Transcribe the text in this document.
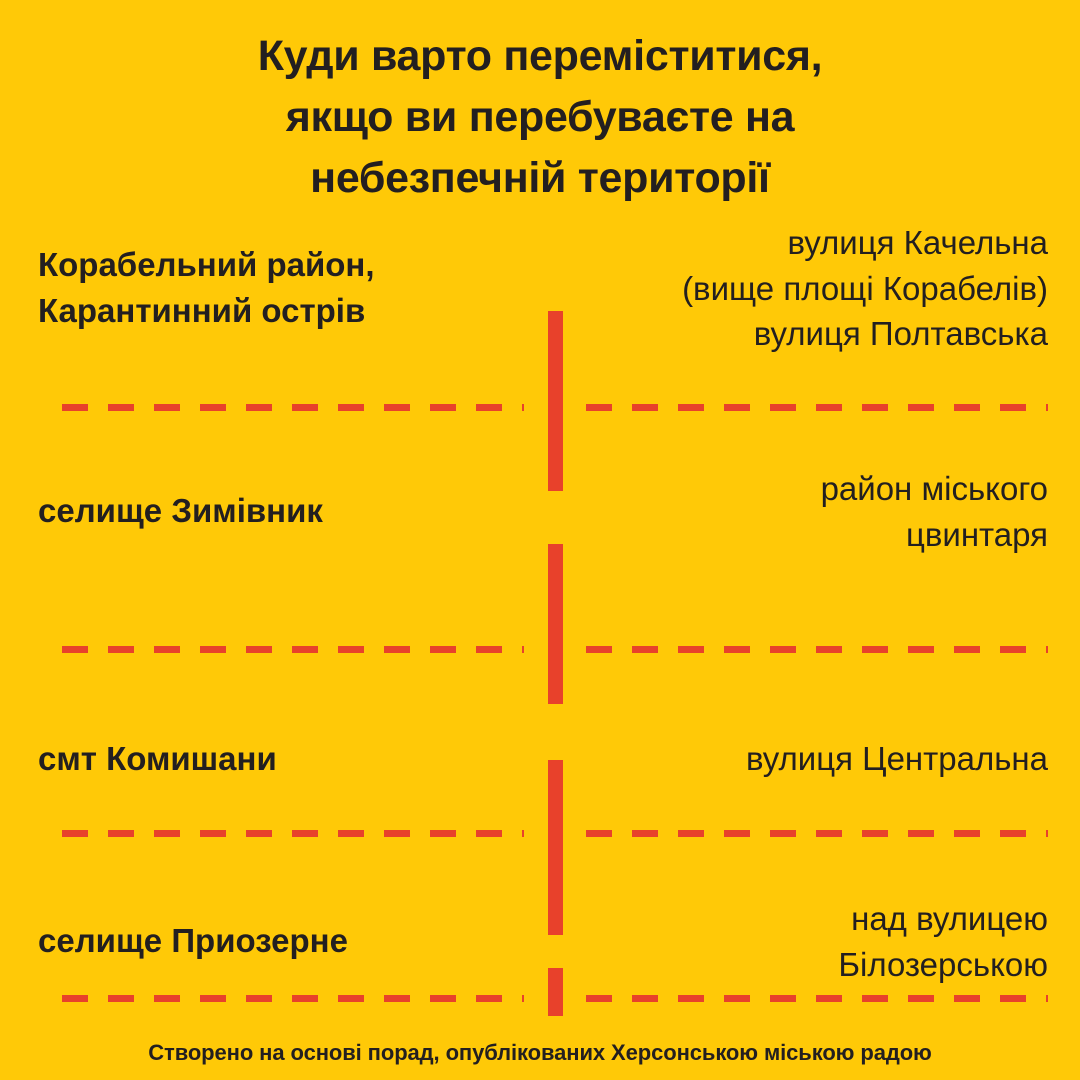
Куди варто переміститися,
якщо ви перебуваєте на
небезпечній території
Корабельний район, Карантинний острів
вулиця Качельна
(вище площі Корабелів)
вулиця Полтавська
селище Зимівник
район міського
цвинтаря
смт Комишани	вулиця Центральна
селище Приозерне
над вулицею
Білозерською
Створено на основі порад, опублікованих Херсонською міською радою
